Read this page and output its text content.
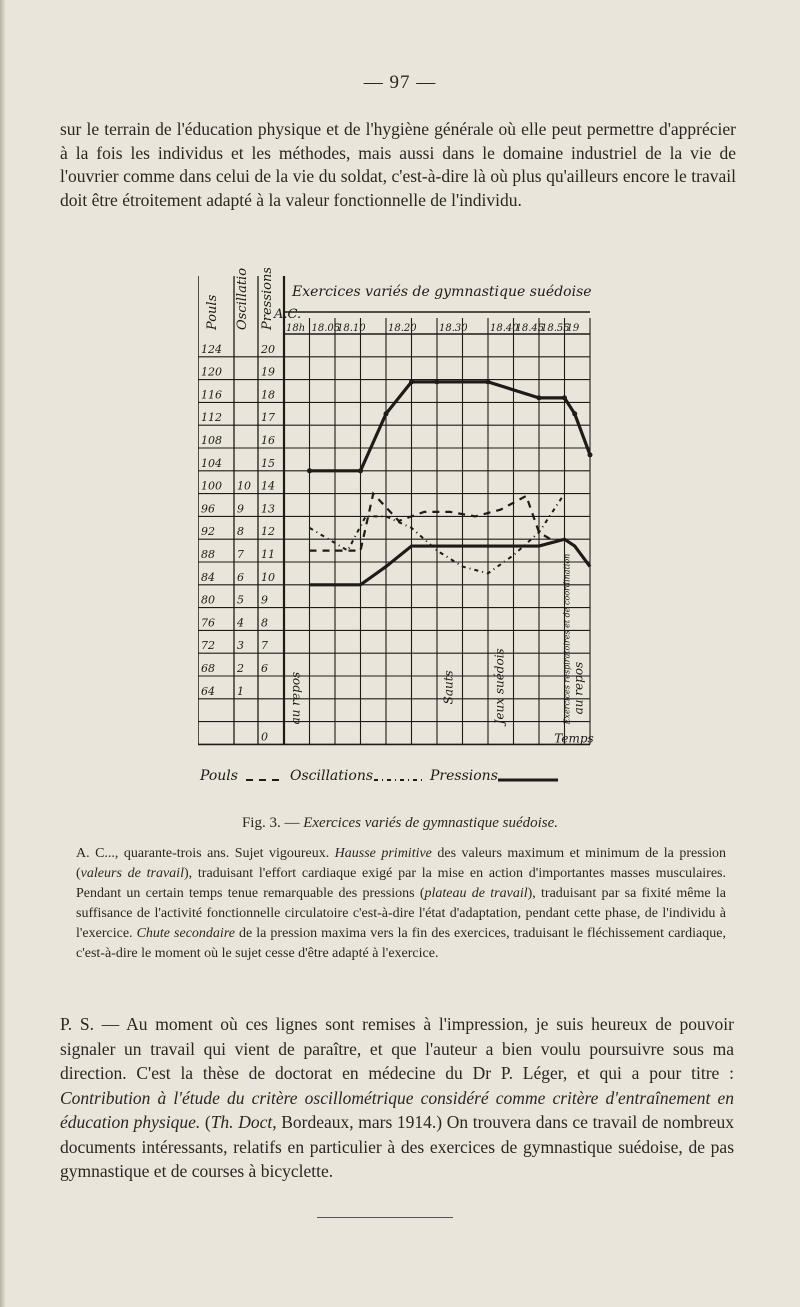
— 97 —
sur le terrain de l'éducation physique et de l'hygiène générale où elle peut permettre d'apprécier à la fois les individus et les méthodes, mais aussi dans le domaine industriel de la vie de l'ouvrier comme dans celui de la vie du soldat, c'est-à-dire là où plus qu'ailleurs encore le travail doit être étroitement adapté à la valeur fonctionnelle de l'individu.
Exercices variés de gymnastique suédoise
A.C.
Pouls Oscillations Pressions 18h 18.05
18.10 18.20 18.30 18.40
18.45
18.55
19
124
120
116
112
108
104
100
96
92
88
84
80
76
72
68
64
10
9
8
7
6
5
4
3
2
1
20
19
18
17
16
15
14
13
12
11
10
9
8
7
6
0
au repos	Sauts	Jeux suédois	au repos
Exercices respiratoires et de coordination
Temps
Pouls	Oscillations	Pressions
Fig. 3. — Exercices variés de gymnastique suédoise.
A. C..., quarante-trois ans. Sujet vigoureux. Hausse primitive des valeurs maximum et minimum de la pression (valeurs de travail), traduisant l'effort cardiaque exigé par la mise en action d'importantes masses musculaires. Pendant un certain temps tenue remarquable des pressions (plateau de travail), traduisant par sa fixité même la suffisance de l'activité fonctionnelle circulatoire c'est-à-dire l'état d'adaptation, pendant cette phase, de l'individu à l'exercice. Chute secondaire de la pression maxima vers la fin des exercices, traduisant le fléchissement cardiaque, c'est-à-dire le moment où le sujet cesse d'être adapté à l'exercice.
P. S. — Au moment où ces lignes sont remises à l'impression, je suis heureux de pouvoir signaler un travail qui vient de paraître, et que l'auteur a bien voulu poursuivre sous ma direction. C'est la thèse de doctorat en médecine du Dr P. Léger, et qui a pour titre : Contribution à l'étude du critère oscillométrique considéré comme critère d'entraînement en éducation physique. (Th. Doct, Bordeaux, mars 1914.) On trouvera dans ce travail de nombreux documents intéressants, relatifs en particulier à des exercices de gymnastique suédoise, de pas gymnastique et de courses à bicyclette.
